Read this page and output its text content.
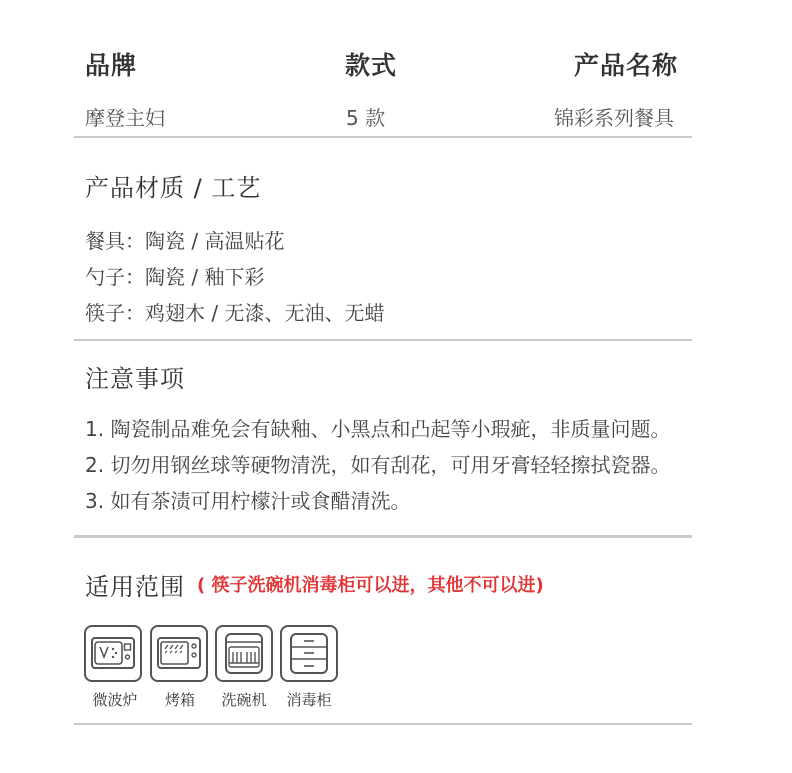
品牌	款式	产品名称
摩登主妇	5 款	锦彩系列餐具
产品材质 / 工艺
餐具：陶瓷 / 高温贴花
勺子：陶瓷 / 釉下彩
筷子：鸡翅木 / 无漆、无油、无蜡
注意事项
1. 陶瓷制品难免会有缺釉、小黑点和凸起等小瑕疵，非质量问题。
2. 切勿用钢丝球等硬物清洗，如有刮花，可用牙膏轻轻擦拭瓷器。
3. 如有茶渍可用柠檬汁或食醋清洗。
适用范围 ( 筷子洗碗机消毒柜可以进，其他不可以进)
微波炉	烤箱	洗碗机	消毒柜
